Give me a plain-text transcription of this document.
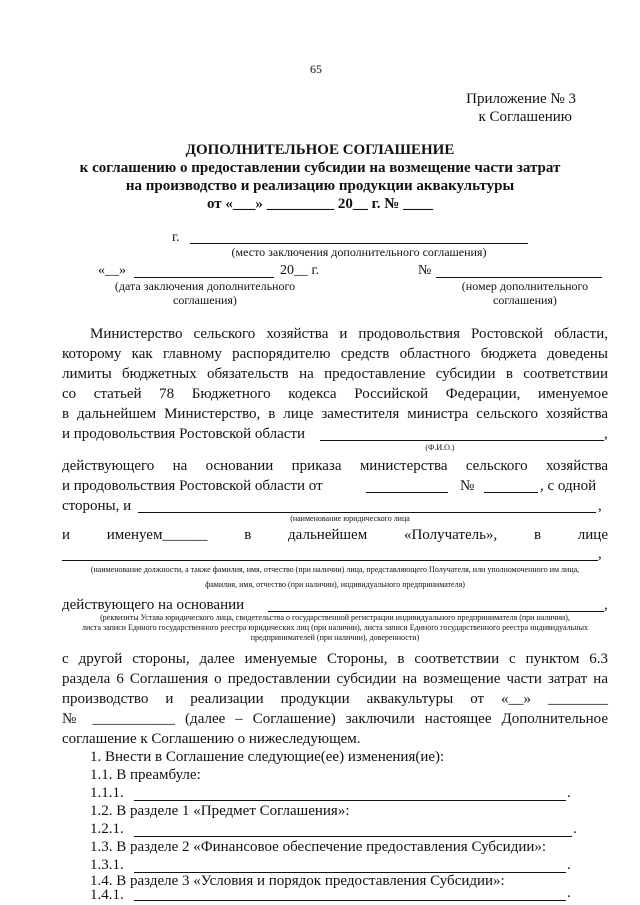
65
Приложение № 3
к Соглашению
ДОПОЛНИТЕЛЬНОЕ СОГЛАШЕНИЕ
к соглашению о предоставлении субсидии на возмещение части затрат
на производство и реализацию продукции аквакультуры
от «___» _________ 20__ г. № ____
г.
(место заключения дополнительного соглашения)
«__»	20__ г.	№
(дата заключения дополнительного
соглашения)
(номер дополнительного
соглашения)
Министерство сельского хозяйства и продовольствия Ростовской области,
которому как главному распорядителю средств областного бюджета доведены
лимиты бюджетных обязательств на предоставление субсидии в соответствии
со статьей 78 Бюджетного кодекса Российской Федерации, именуемое
в дальнейшем Министерство, в лице заместителя министра сельского хозяйства
и продовольствия Ростовской области	,
(Ф.И.О.)
действующего на основании приказа министерства сельского хозяйства
и продовольствия Ростовской области от	№	, с одной
стороны, и	,
(наименование юридического лица
и именуем______ в дальнейшем «Получатель», в лице
,
(наименование должности, а также фамилия, имя, отчество (при наличии) лица, представляющего Получателя, или уполномоченного им лица,
фамилия, имя, отчество (при наличии), индивидуального предпринимателя)
действующего на основании	,
(реквизиты Устава юридического лица, свидетельства о государственной регистрации индивидуального предпринимателя (при наличии),
листа записи Единого государственного реестра юридических лиц (при наличии), листа записи Единого государственного реестра индивидуальных
предпринимателей (при наличии), доверенности)
с другой стороны, далее именуемые Стороны, в соответствии с пунктом 6.3
раздела 6 Соглашения о предоставлении субсидии на возмещение части затрат на
производство и реализации продукции аквакультуры от «__» ________
№ ___________ (далее – Соглашение) заключили настоящее Дополнительное
соглашение к Соглашению о нижеследующем.
1. Внести в Соглашение следующие(ее) изменения(ие):
1.1. В преамбуле:
1.1.1.	.
1.2. В разделе 1 «Предмет Соглашения»:
1.2.1.	.
1.3. В разделе 2 «Финансовое обеспечение предоставления Субсидии»:
1.3.1.	.
1.4. В разделе 3 «Условия и порядок предоставления Субсидии»:
1.4.1.	.
